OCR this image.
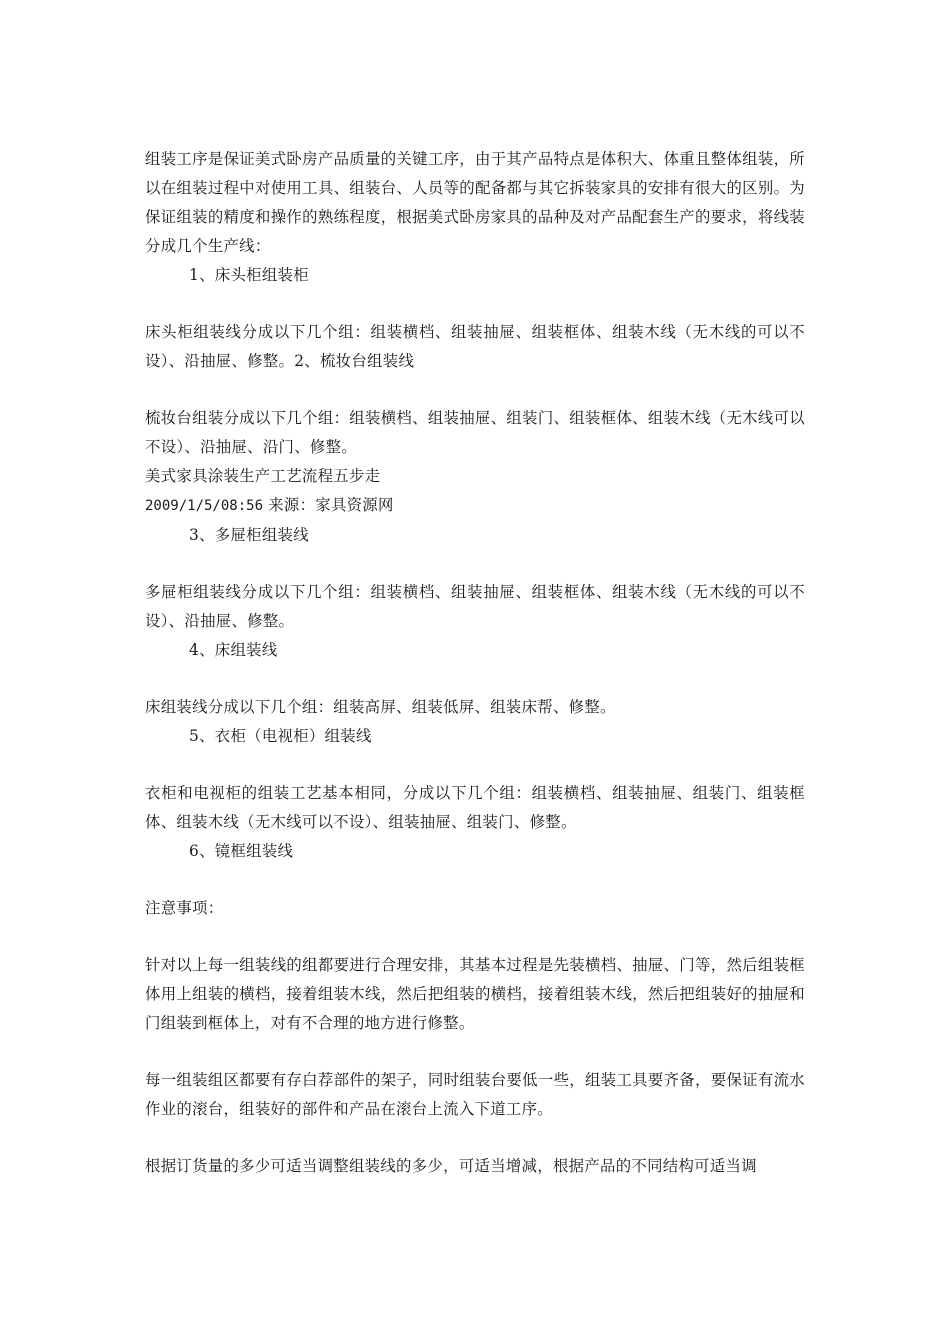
组装工序是保证美式卧房产品质量的关键工序，由于其产品特点是体积大、体重且整体组装，所以在组装过程中对使用工具、组装台、人员等的配备都与其它拆装家具的安排有很大的区别。为保证组装的精度和操作的熟练程度，根据美式卧房家具的品种及对产品配套生产的要求，将线装分成几个生产线：

1、床头柜组装柜

床头柜组装线分成以下几个组：组装横档、组装抽屉、组装框体、组装木线（无木线的可以不设）、沿抽屉、修整。2、梳妆台组装线

梳妆台组装分成以下几个组：组装横档、组装抽屉、组装门、组装框体、组装木线（无木线可以不设）、沿抽屉、沿门、修整。

美式家具涂装生产工艺流程五步走

2009/1/5/08:56 来源：家具资源网

3、多屉柜组装线

多屉柜组装线分成以下几个组：组装横档、组装抽屉、组装框体、组装木线（无木线的可以不设）、沿抽屉、修整。

4、床组装线

床组装线分成以下几个组：组装高屏、组装低屏、组装床帮、修整。

5、衣柜（电视柜）组装线

衣柜和电视柜的组装工艺基本相同，分成以下几个组：组装横档、组装抽屉、组装门、组装框体、组装木线（无木线可以不设）、组装抽屉、组装门、修整。

6、镜框组装线

注意事项：

针对以上每一组装线的组都要进行合理安排，其基本过程是先装横档、抽屉、门等，然后组装框体用上组装的横档，接着组装木线，然后把组装的横档，接着组装木线，然后把组装好的抽屉和门组装到框体上，对有不合理的地方进行修整。

每一组装组区都要有存白荐部件的架子，同时组装台要低一些，组装工具要齐备，要保证有流水作业的滚台，组装好的部件和产品在滚台上流入下道工序。

根据订货量的多少可适当调整组装线的多少，可适当增减，根据产品的不同结构可适当调
